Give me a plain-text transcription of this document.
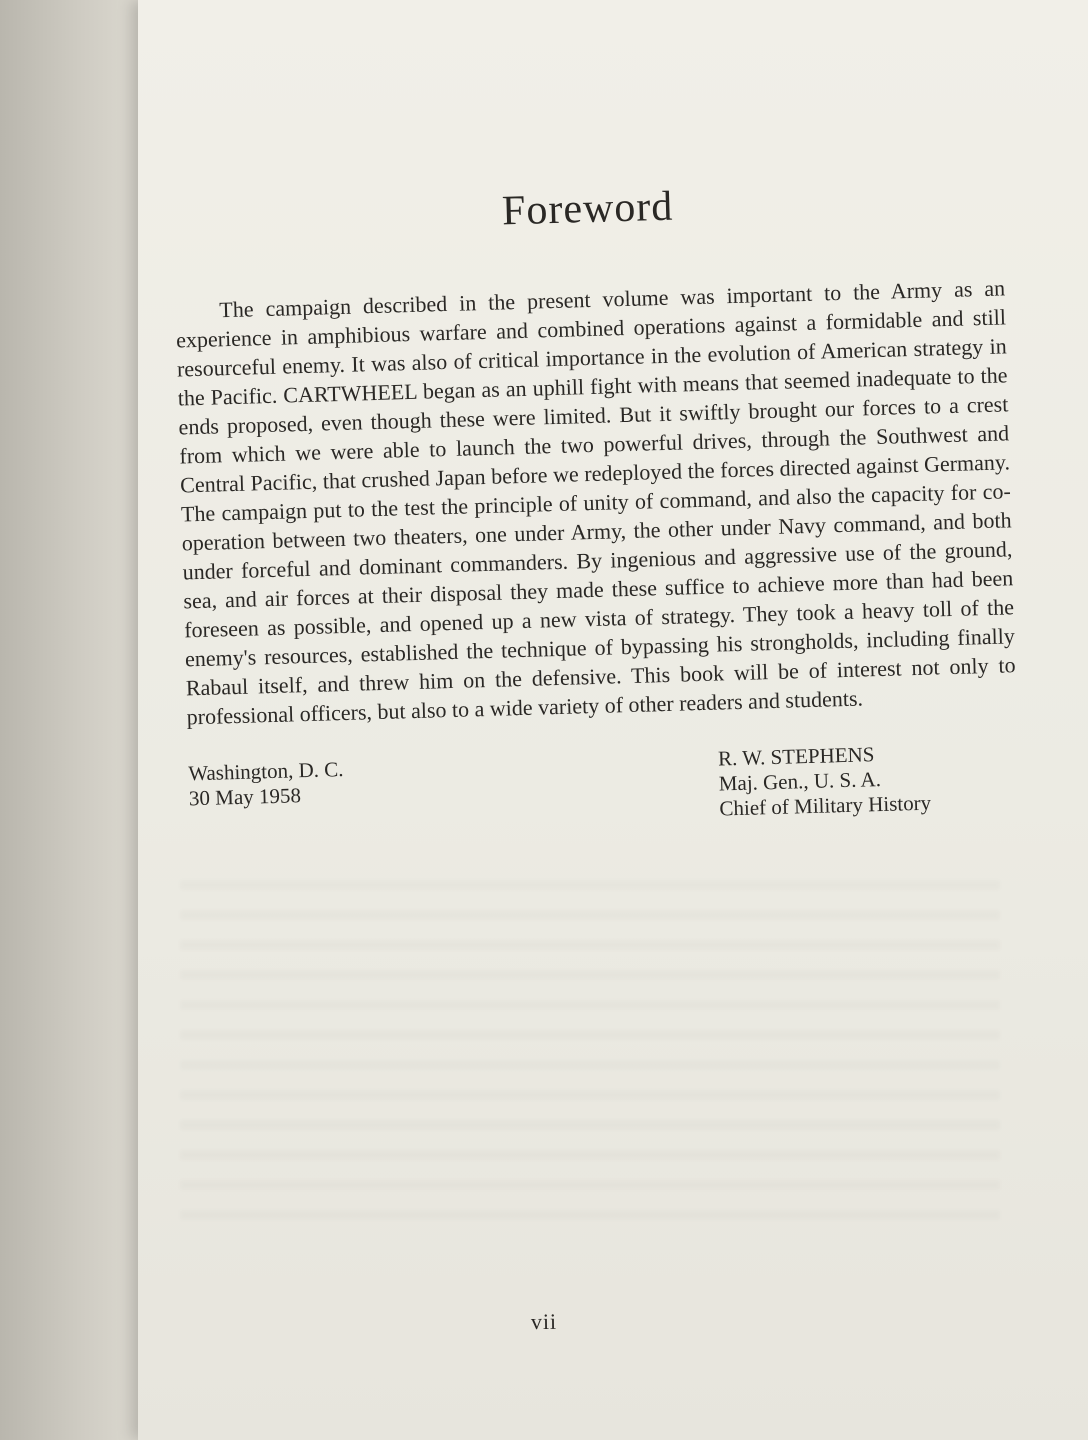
Foreword

The campaign described in the present volume was important to the Army as an experience in amphibious warfare and combined operations against a formidable and still resourceful enemy. It was also of critical importance in the evolution of American strategy in the Pacific. CARTWHEEL began as an uphill fight with means that seemed inadequate to the ends proposed, even though these were limited. But it swiftly brought our forces to a crest from which we were able to launch the two powerful drives, through the Southwest and Central Pacific, that crushed Japan before we redeployed the forces directed against Germany. The campaign put to the test the principle of unity of command, and also the capacity for co-operation between two theaters, one under Army, the other under Navy command, and both under forceful and dominant commanders. By ingenious and aggressive use of the ground, sea, and air forces at their disposal they made these suffice to achieve more than had been foreseen as possible, and opened up a new vista of strategy. They took a heavy toll of the enemy's resources, established the technique of bypassing his strongholds, including finally Rabaul itself, and threw him on the defensive. This book will be of interest not only to professional officers, but also to a wide variety of other readers and students.

Washington, D. C.
30 May 1958
R. W. STEPHENS
Maj. Gen., U. S. A.
Chief of Military History
vii
